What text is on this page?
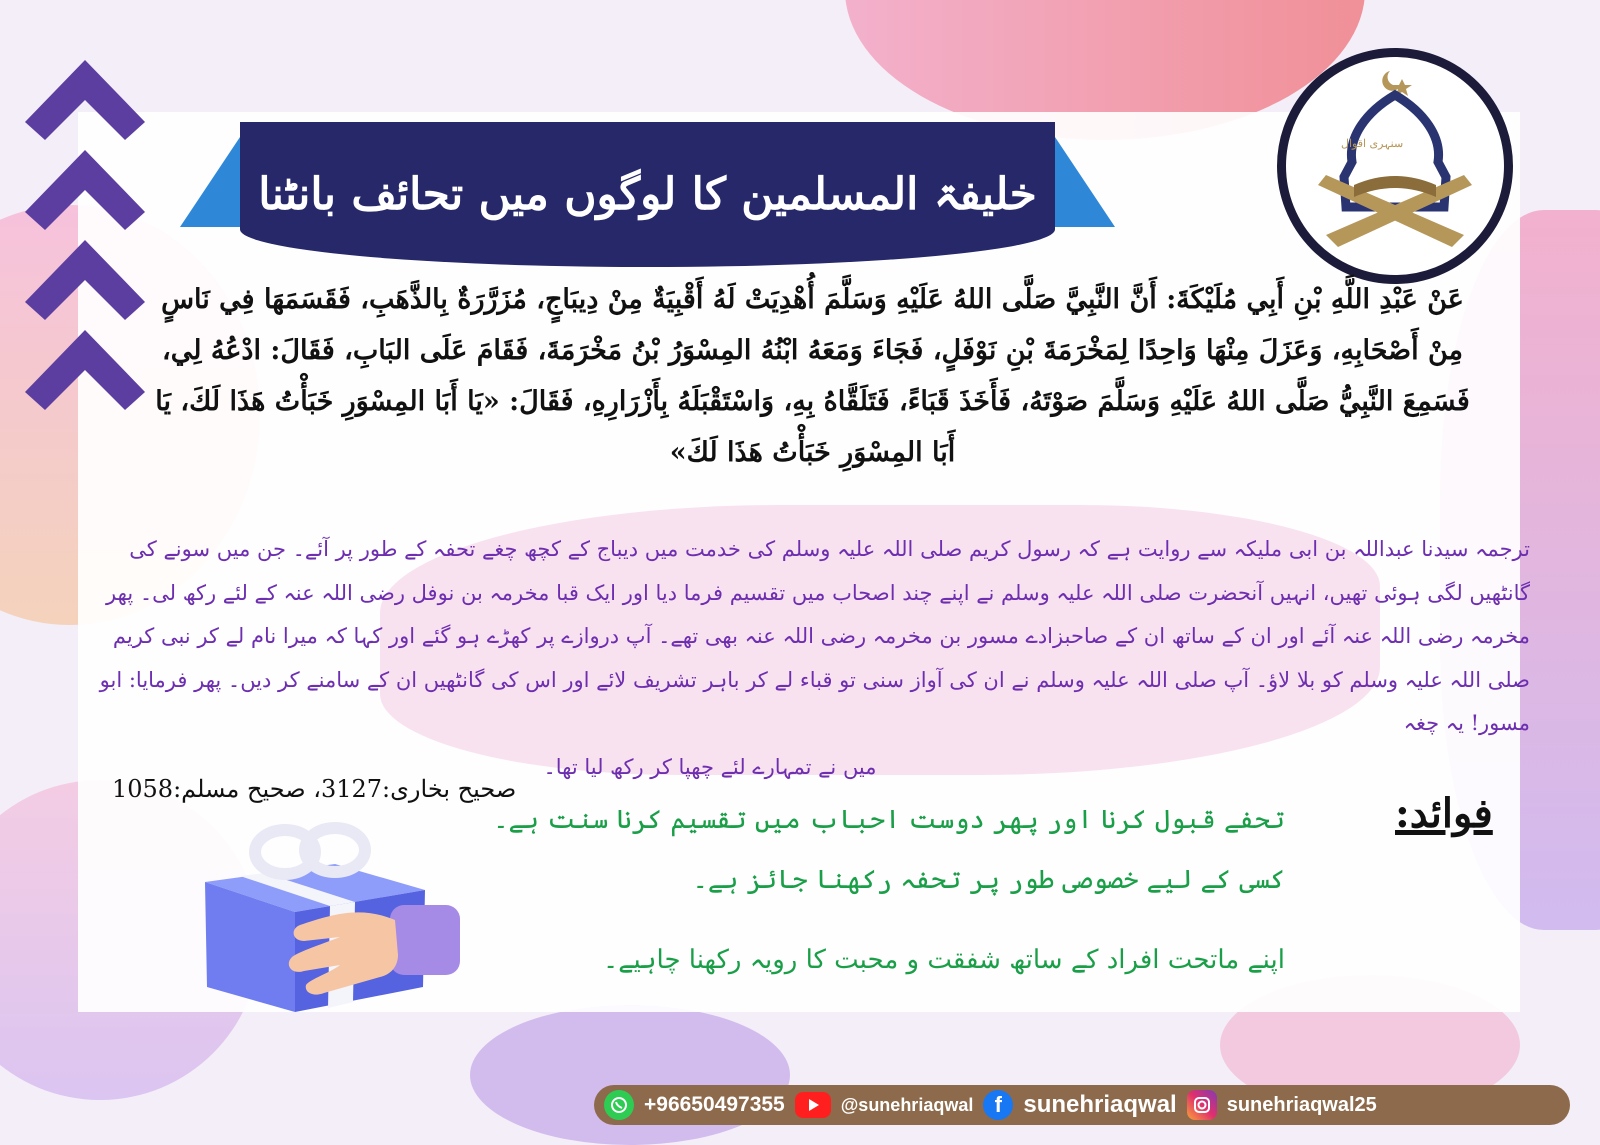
خلیفۃ المسلمین کا لوگوں میں تحائف بانٹنا
سنہری اقوال
عَنْ عَبْدِ اللَّهِ بْنِ أَبِي مُلَيْكَةَ: أَنَّ النَّبِيَّ صَلَّى اللهُ عَلَيْهِ وَسَلَّمَ أُهْدِيَتْ لَهُ أَقْبِيَةٌ مِنْ دِيبَاجٍ، مُزَرَّرَةٌ بِالذَّهَبِ، فَقَسَمَهَا فِي نَاسٍ مِنْ أَصْحَابِهِ، وَعَزَلَ مِنْهَا وَاحِدًا لِمَخْرَمَةَ بْنِ نَوْفَلٍ، فَجَاءَ وَمَعَهُ ابْنُهُ المِسْوَرُ بْنُ مَخْرَمَةَ، فَقَامَ عَلَى البَابِ، فَقَالَ: ادْعُهُ لِي، فَسَمِعَ النَّبِيُّ صَلَّى اللهُ عَلَيْهِ وَسَلَّمَ صَوْتَهُ، فَأَخَذَ قَبَاءً، فَتَلَقَّاهُ بِهِ، وَاسْتَقْبَلَهُ بِأَزْرَارِهِ، فَقَالَ: «يَا أَبَا المِسْوَرِ خَبَأْتُ هَذَا لَكَ، يَا أَبَا المِسْوَرِ خَبَأْتُ هَذَا لَكَ»
ترجمہ سیدنا عبداللہ بن ابی ملیکہ سے روایت ہے کہ رسول کریم صلی اللہ علیہ وسلم کی خدمت میں دیباج کے کچھ چغے تحفہ کے طور پر آئے۔ جن میں سونے کی گانٹھیں لگی ہوئی تھیں، انہیں آنحضرت صلی اللہ علیہ وسلم نے اپنے چند اصحاب میں تقسیم فرما دیا اور ایک قبا مخرمہ بن نوفل رضی اللہ عنہ کے لئے رکھ لی۔ پھر مخرمہ رضی اللہ عنہ آئے اور ان کے ساتھ ان کے صاحبزادے مسور بن مخرمہ رضی اللہ عنہ بھی تھے۔ آپ دروازے پر کھڑے ہو گئے اور کہا کہ میرا نام لے کر نبی کریم صلی اللہ علیہ وسلم کو بلا لاؤ۔ آپ صلی اللہ علیہ وسلم نے ان کی آواز سنی تو قباء لے کر باہر تشریف لائے اور اس کی گانٹھیں ان کے سامنے کر دیں۔ پھر فرمایا: ابو مسور! یہ چغہ
میں نے تمہارے لئے چھپا کر رکھ لیا تھا۔
صحیح بخاری:3127، صحیح مسلم:1058
فوائد:
تحفے قبول کرنا اور پھر دوست احباب میں تقسیم کرنا سنت ہے۔
کسی کے لیے خصوصی طور پر تحفہ رکھنا جائز ہے۔
اپنے ماتحت افراد کے ساتھ شفقت و محبت کا رویہ رکھنا چاہیے۔
+96650497355	@sunehriaqwal f sunehriaqwal	sunehriaqwal25
